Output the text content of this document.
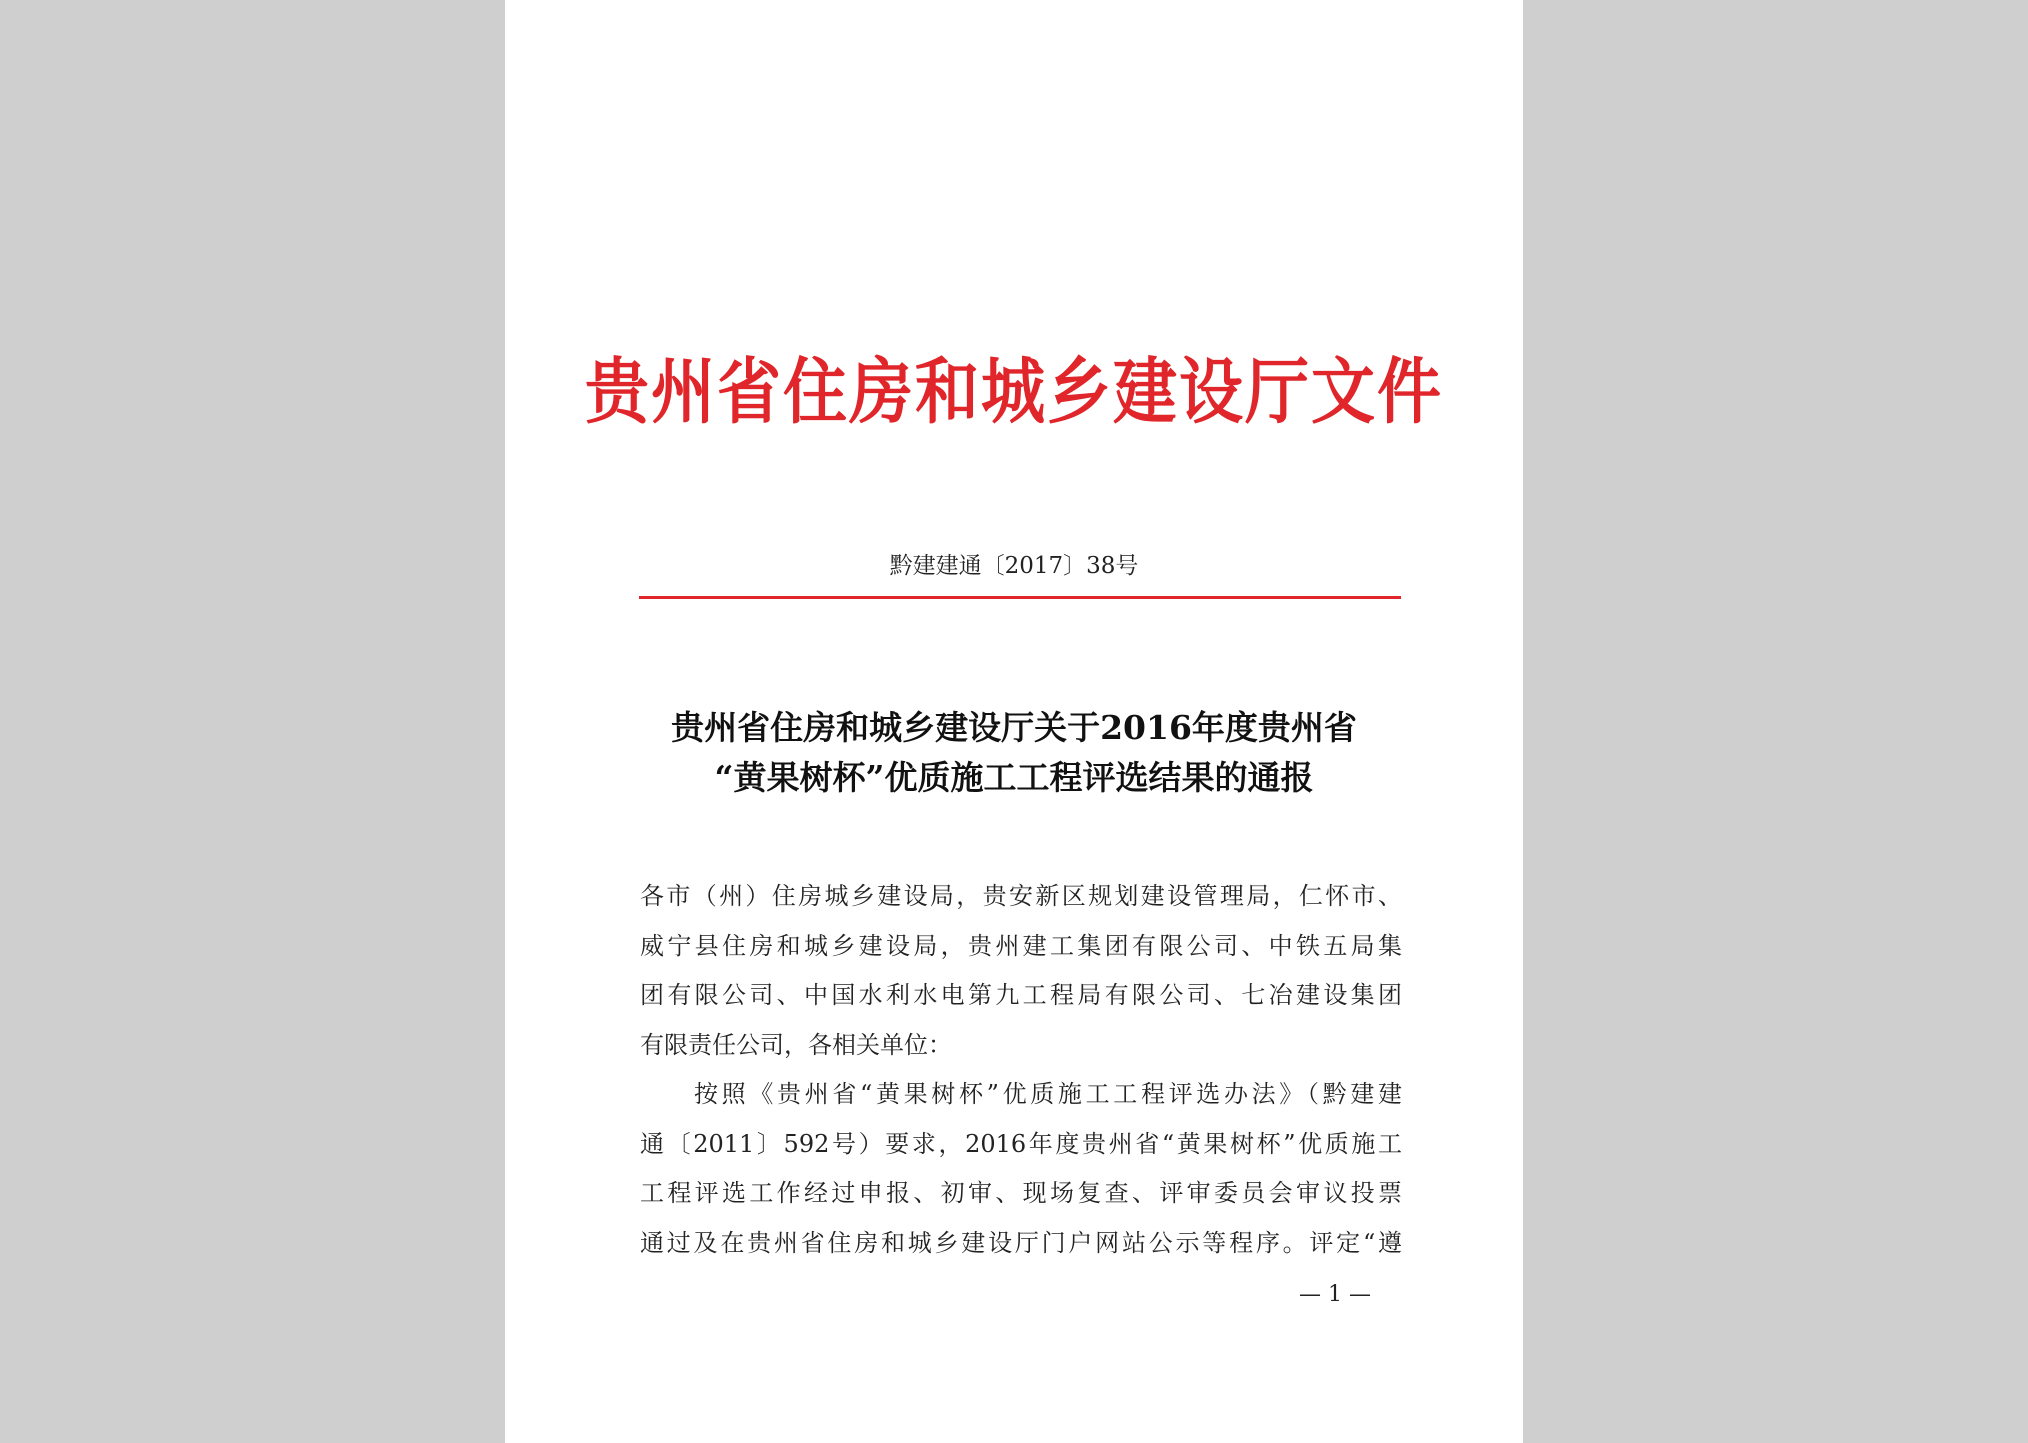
贵州省住房和城乡建设厅文件
黔建建通〔2017〕38号
贵州省住房和城乡建设厅关于2016年度贵州省
“黄果树杯”优质施工工程评选结果的通报
各市（州）住房城乡建设局，贵安新区规划建设管理局，仁怀市、
威宁县住房和城乡建设局，贵州建工集团有限公司、中铁五局集
团有限公司、中国水利水电第九工程局有限公司、七冶建设集团
有限责任公司，各相关单位：
按照《贵州省“黄果树杯”优质施工工程评选办法》（黔建建
通〔2011〕592号）要求，2016年度贵州省“黄果树杯”优质施工
工程评选工作经过申报、初审、现场复查、评审委员会审议投票
通过及在贵州省住房和城乡建设厅门户网站公示等程序。评定“遵
— 1 —
